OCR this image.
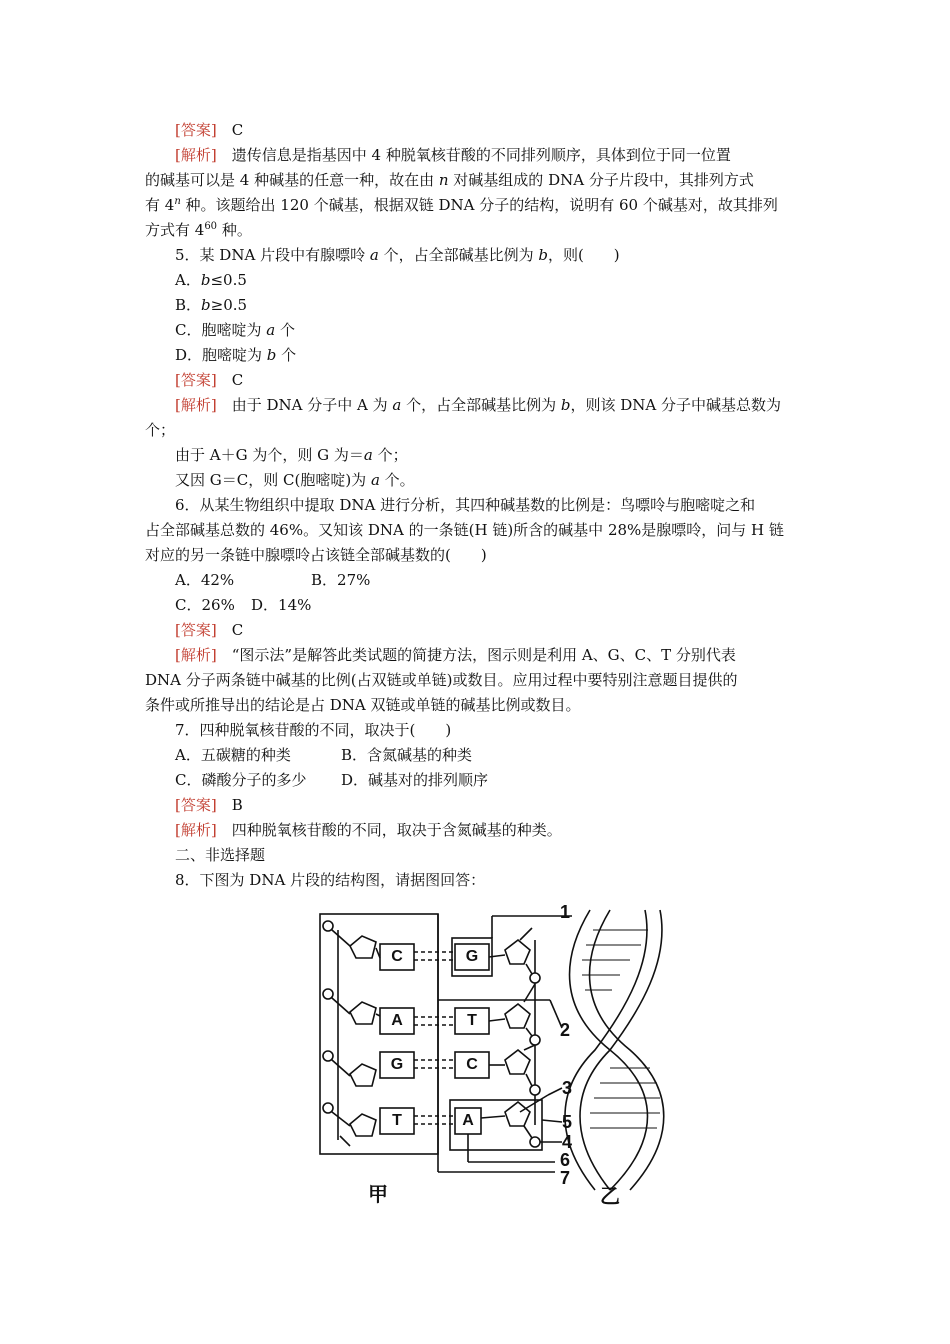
[答案]　 C
[解析]　 遗传信息是指基因中 4 种脱氧核苷酸的不同排列顺序，具体到位于同一位置
的碱基可以是 4 种碱基的任意一种，故在由 n 对碱基组成的 DNA 分子片段中，其排列方式
有 4$^n$ 种。该题给出 120 个碱基，根据双链 DNA 分子的结构，说明有 60 个碱基对，故其排列
方式有 $4^{60}$ 种。
5．某 DNA 片段中有腺嘌呤 a 个，占全部碱基比例为 b，则(　　)
A．b≤0.5
B．b≥0.5
C．胞嘧啶为 a 个
D．胞嘧啶为 b 个
[答案]　 C
[解析]　 由于 DNA 分子中 A 为 a 个，占全部碱基比例为 b，则该 DNA 分子中碱基总数为
个；
由于 A＋G 为个，则 G 为＝a 个；
又因 G＝C，则 C(胞嘧啶)为 a 个。
6．从某生物组织中提取 DNA 进行分析，其四种碱基数的比例是：鸟嘌呤与胞嘧啶之和
占全部碱基总数的 46%。又知该 DNA 的一条链(H 链)所含的碱基中 28%是腺嘌呤，问与 H 链
对应的另一条链中腺嘌呤占该链全部碱基数的(　　)
A．42%	B．27%
C．26% D．14%
[答案]　 C
[解析]　 “图示法”是解答此类试题的简捷方法，图示则是利用 A、G、C、T 分别代表
DNA 分子两条链中碱基的比例(占双链或单链)或数目。应用过程中要特别注意题目提供的
条件或所推导出的结论是占 DNA 双链或单链的碱基比例或数目。
7．四种脱氧核苷酸的不同，取决于(　　)
A．五碳糖的种类	B．含氮碱基的种类
C．磷酸分子的多少 D．碱基对的排列顺序
[答案]　 B
[解析]　 四种脱氧核苷酸的不同，取决于含氮碱基的种类。
二、非选择题
8．下图为 DNA 片段的结构图，请据图回答：
C	G
A	T
G	C
T	A
1
2
3
5
4
6
7
甲	乙
